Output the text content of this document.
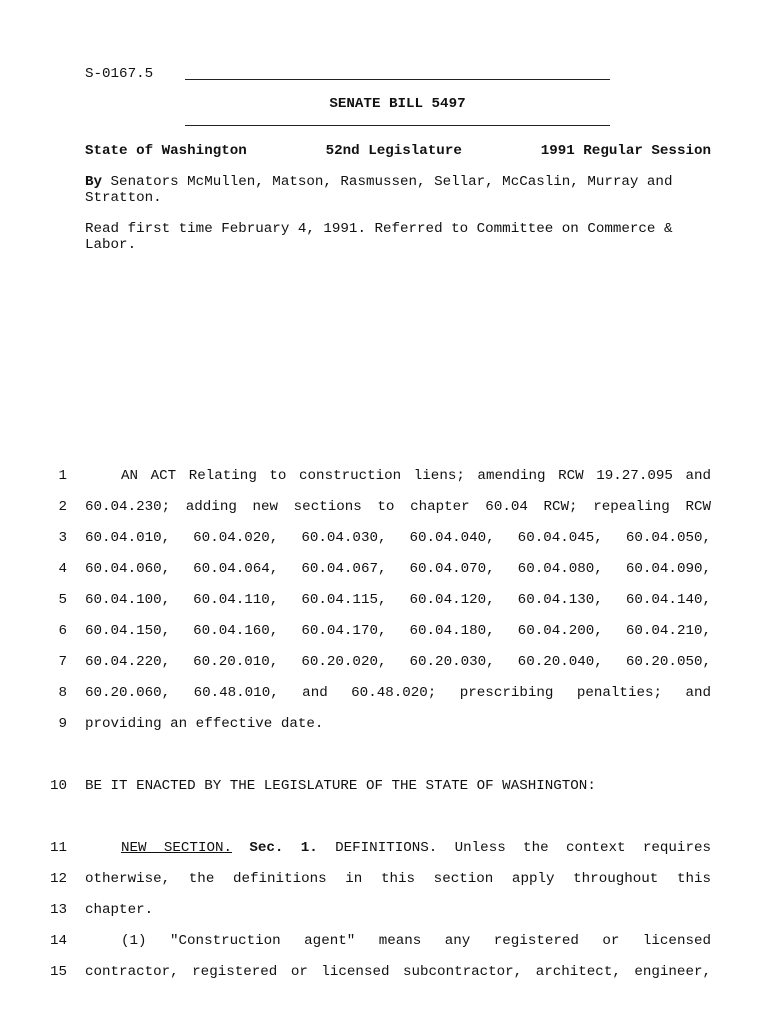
S-0167.5
SENATE BILL 5497
State of Washington	52nd Legislature	1991 Regular Session
By Senators McMullen, Matson, Rasmussen, Sellar, McCaslin, Murray and Stratton.
Read first time February 4, 1991. Referred to Committee on Commerce & Labor.
1	AN ACT Relating to construction liens; amending RCW 19.27.095 and
2 60.04.230; adding new sections to chapter 60.04 RCW; repealing RCW
3 60.04.010, 60.04.020, 60.04.030, 60.04.040, 60.04.045, 60.04.050,
4 60.04.060, 60.04.064, 60.04.067, 60.04.070, 60.04.080, 60.04.090,
5 60.04.100, 60.04.110, 60.04.115, 60.04.120, 60.04.130, 60.04.140,
6 60.04.150, 60.04.160, 60.04.170, 60.04.180, 60.04.200, 60.04.210,
7 60.04.220, 60.20.010, 60.20.020, 60.20.030, 60.20.040, 60.20.050,
8 60.20.060, 60.48.010, and 60.48.020; prescribing penalties; and
9 providing an effective date.
10 BE IT ENACTED BY THE LEGISLATURE OF THE STATE OF WASHINGTON:
11	NEW SECTION. Sec. 1. DEFINITIONS. Unless the context requires
12 otherwise, the definitions in this section apply throughout this
13 chapter.
14	(1) "Construction agent" means any registered or licensed
15 contractor, registered or licensed subcontractor, architect, engineer,
